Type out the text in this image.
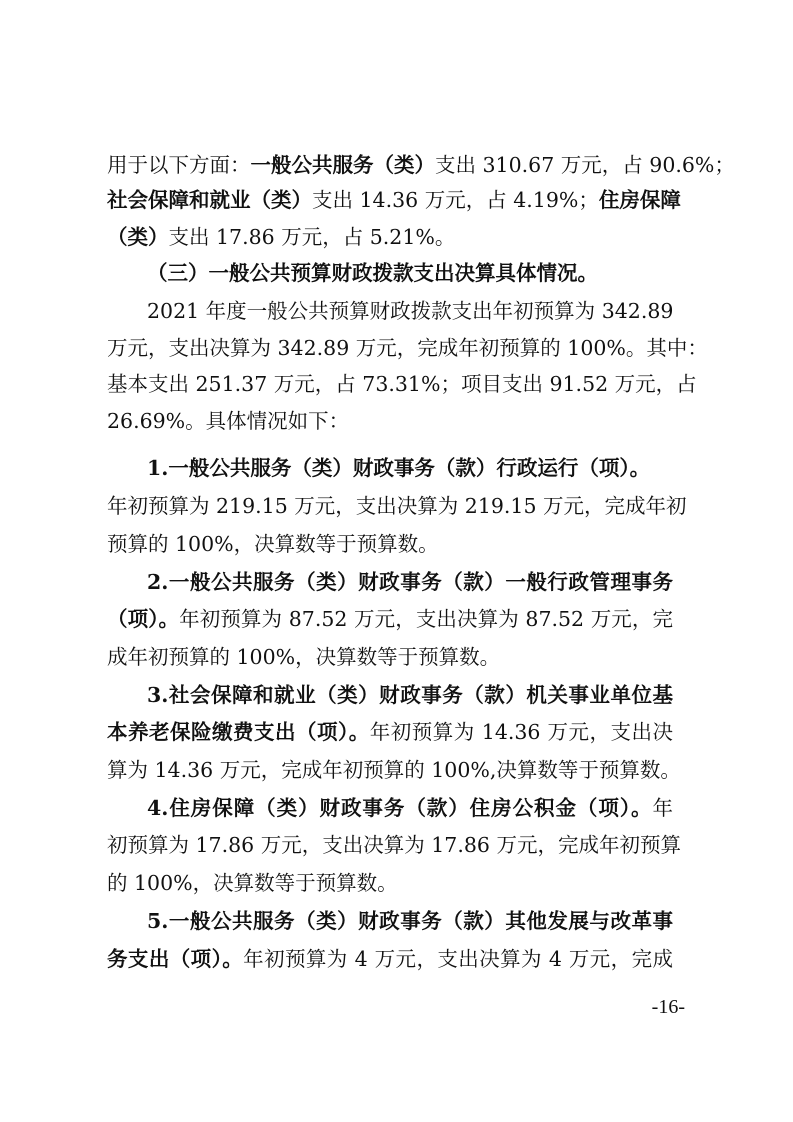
用于以下方面：一般公共服务（类）支出 310.67 万元，占 90.6%；
社会保障和就业（类）支出 14.36 万元，占 4.19%；住房保障
（类）支出 17.86 万元，占 5.21%。
（三）一般公共预算财政拨款支出决算具体情况。
2021 年度一般公共预算财政拨款支出年初预算为 342.89
万元，支出决算为 342.89 万元，完成年初预算的 100%。其中：
基本支出 251.37 万元，占 73.31%；项目支出 91.52 万元，占
26.69%。具体情况如下：
1.一般公共服务（类）财政事务（款）行政运行（项）。
年初预算为 219.15 万元，支出决算为 219.15 万元，完成年初
预算的 100%，决算数等于预算数。
2.一般公共服务（类）财政事务（款）一般行政管理事务
（项）。年初预算为 87.52 万元，支出决算为 87.52 万元，完
成年初预算的 100%，决算数等于预算数。
3.社会保障和就业（类）财政事务（款）机关事业单位基
本养老保险缴费支出（项）。年初预算为 14.36 万元，支出决
算为 14.36 万元，完成年初预算的 100%,决算数等于预算数。
4.住房保障（类）财政事务（款）住房公积金（项）。年
初预算为 17.86 万元，支出决算为 17.86 万元，完成年初预算
的 100%，决算数等于预算数。
5.一般公共服务（类）财政事务（款）其他发展与改革事
务支出（项）。年初预算为 4 万元，支出决算为 4 万元，完成
-16-
